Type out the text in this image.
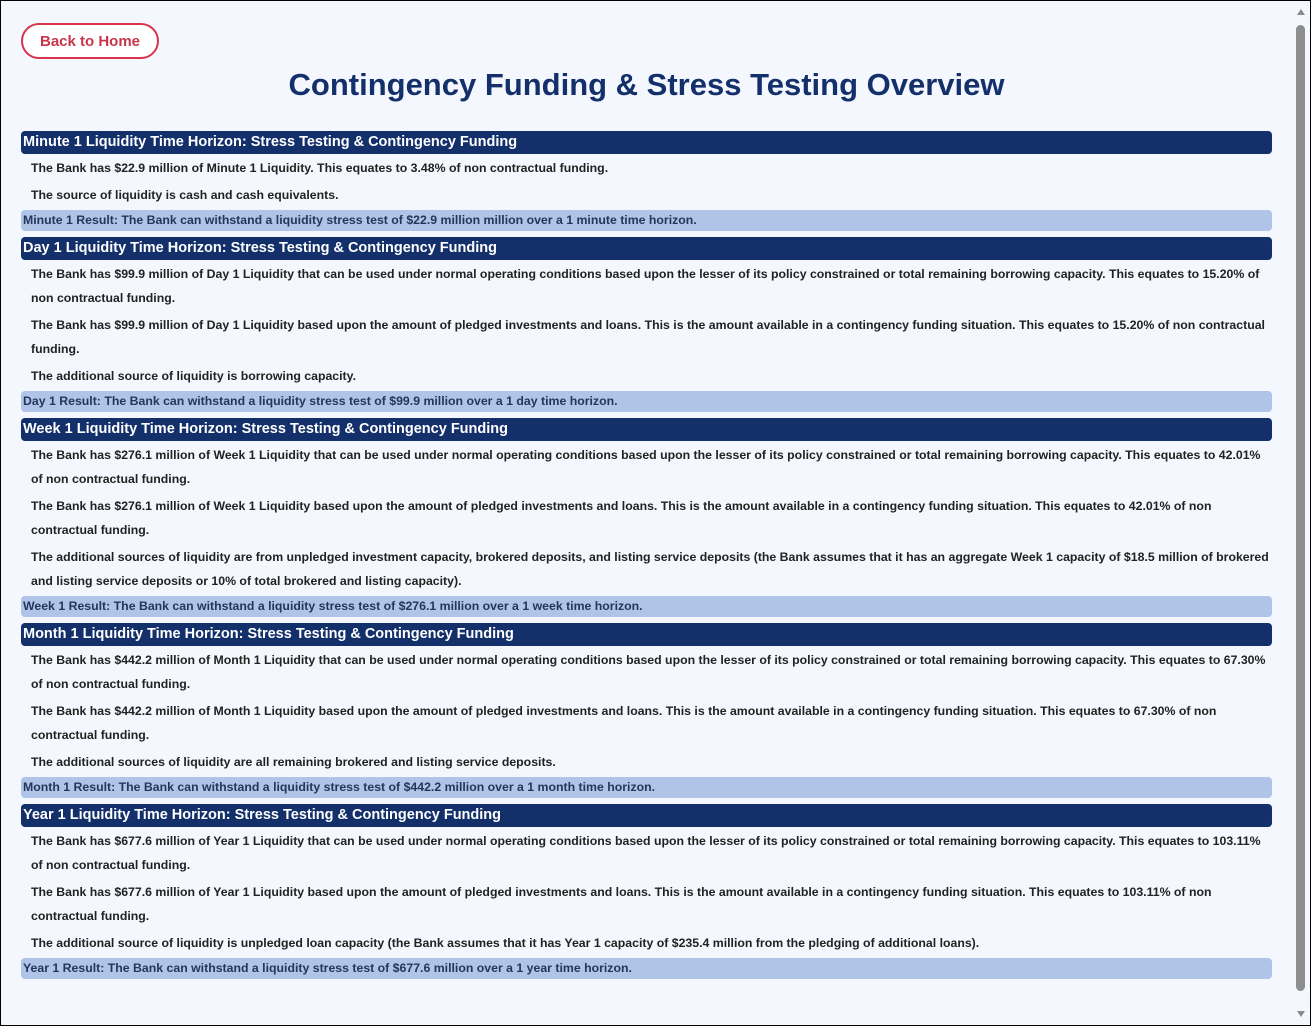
Back to Home
Contingency Funding & Stress Testing Overview
Minute 1 Liquidity Time Horizon: Stress Testing & Contingency Funding

The Bank has $22.9 million of Minute 1 Liquidity. This equates to 3.48% of non contractual funding.

The source of liquidity is cash and cash equivalents.

Minute 1 Result: The Bank can withstand a liquidity stress test of $22.9 million million over a 1 minute time horizon.
Day 1 Liquidity Time Horizon: Stress Testing & Contingency Funding

The Bank has $99.9 million of Day 1 Liquidity that can be used under normal operating conditions based upon the lesser of its policy constrained or total remaining borrowing capacity. This equates to 15.20% of non contractual funding.

The Bank has $99.9 million of Day 1 Liquidity based upon the amount of pledged investments and loans. This is the amount available in a contingency funding situation. This equates to 15.20% of non contractual funding.

The additional source of liquidity is borrowing capacity.

Day 1 Result: The Bank can withstand a liquidity stress test of $99.9 million over a 1 day time horizon.
Week 1 Liquidity Time Horizon: Stress Testing & Contingency Funding

The Bank has $276.1 million of Week 1 Liquidity that can be used under normal operating conditions based upon the lesser of its policy constrained or total remaining borrowing capacity. This equates to 42.01% of non contractual funding.

The Bank has $276.1 million of Week 1 Liquidity based upon the amount of pledged investments and loans. This is the amount available in a contingency funding situation. This equates to 42.01% of non contractual funding.

The additional sources of liquidity are from unpledged investment capacity, brokered deposits, and listing service deposits (the Bank assumes that it has an aggregate Week 1 capacity of $18.5 million of brokered and listing service deposits or 10% of total brokered and listing capacity).

Week 1 Result: The Bank can withstand a liquidity stress test of $276.1 million over a 1 week time horizon.
Month 1 Liquidity Time Horizon: Stress Testing & Contingency Funding

The Bank has $442.2 million of Month 1 Liquidity that can be used under normal operating conditions based upon the lesser of its policy constrained or total remaining borrowing capacity. This equates to 67.30% of non contractual funding.

The Bank has $442.2 million of Month 1 Liquidity based upon the amount of pledged investments and loans. This is the amount available in a contingency funding situation. This equates to 67.30% of non contractual funding.

The additional sources of liquidity are all remaining brokered and listing service deposits.

Month 1 Result: The Bank can withstand a liquidity stress test of $442.2 million over a 1 month time horizon.
Year 1 Liquidity Time Horizon: Stress Testing & Contingency Funding

The Bank has $677.6 million of Year 1 Liquidity that can be used under normal operating conditions based upon the lesser of its policy constrained or total remaining borrowing capacity. This equates to 103.11% of non contractual funding.

The Bank has $677.6 million of Year 1 Liquidity based upon the amount of pledged investments and loans. This is the amount available in a contingency funding situation. This equates to 103.11% of non contractual funding.

The additional source of liquidity is unpledged loan capacity (the Bank assumes that it has Year 1 capacity of $235.4 million from the pledging of additional loans).

Year 1 Result: The Bank can withstand a liquidity stress test of $677.6 million over a 1 year time horizon.
